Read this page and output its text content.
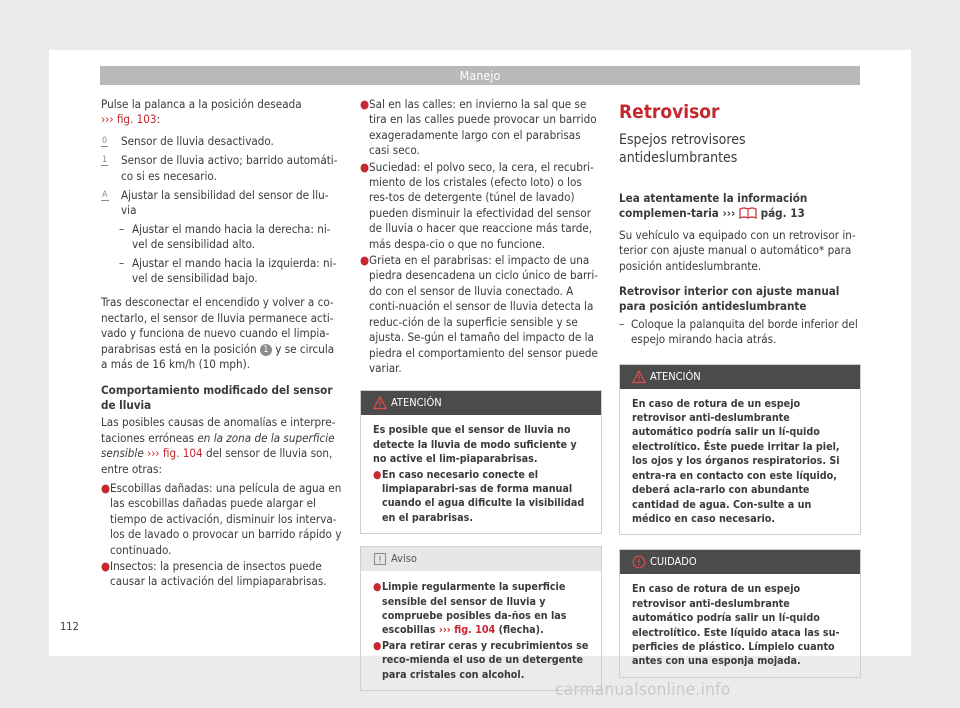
Manejo

Pulse la palanca a la posición deseada
››› fig. 103:

0 Sensor de lluvia desactivado.
1 Sensor de lluvia activo; barrido automáti-co si es necesario.
A Ajustar la sensibilidad del sensor de llu-via
– Ajustar el mando hacia la derecha: ni-vel de sensibilidad alto.
– Ajustar el mando hacia la izquierda: ni-vel de sensibilidad bajo.

Tras desconectar el encendido y volver a co-nectarlo, el sensor de lluvia permanece acti-vado y funciona de nuevo cuando el limpia-parabrisas está en la posición 1 y se circula a más de 16 km/h (10 mph).

Comportamiento modificado del sensor de lluvia

Las posibles causas de anomalías e interpre-taciones erróneas en la zona de la superficie sensible ››› fig. 104 del sensor de lluvia son, entre otras:

● Escobillas dañadas: una película de agua en las escobillas dañadas puede alargar el tiempo de activación, disminuir los interva-los de lavado o provocar un barrido rápido y continuado.
● Insectos: la presencia de insectos puede causar la activación del limpiaparabrisas.
● Sal en las calles: en invierno la sal que se tira en las calles puede provocar un barrido exageradamente largo con el parabrisas casi seco.
● Suciedad: el polvo seco, la cera, el recubri-miento de los cristales (efecto loto) o los res-tos de detergente (túnel de lavado) pueden disminuir la efectividad del sensor de lluvia o hacer que reaccione más tarde, más despa-cio o que no funcione.
● Grieta en el parabrisas: el impacto de una piedra desencadena un ciclo único de barri-do con el sensor de lluvia conectado. A conti-nuación el sensor de lluvia detecta la reduc-ción de la superficie sensible y se ajusta. Se-gún el tamaño del impacto de la piedra el comportamiento del sensor puede variar.
ATENCIÓN
Es posible que el sensor de lluvia no detecte la lluvia de modo suficiente y no active el lim-piaparabrisas.
● En caso necesario conecte el limpiaparabri-sas de forma manual cuando el agua dificulte la visibilidad en el parabrisas.
Aviso
● Limpie regularmente la superficie sensible del sensor de lluvia y compruebe posibles da-ños en las escobillas ››› fig. 104 (flecha).
● Para retirar ceras y recubrimientos se reco-mienda el uso de un detergente para cristales con alcohol.
Retrovisor
Espejos retrovisores antideslumbrantes

Lea atentamente la información complemen-taria ››› pág. 13

Su vehículo va equipado con un retrovisor in-terior con ajuste manual o automático* para posición antideslumbrante.

Retrovisor interior con ajuste manual para posición antideslumbrante

– Coloque la palanquita del borde inferior del espejo mirando hacia atrás.
ATENCIÓN
En caso de rotura de un espejo retrovisor anti-deslumbrante automático podría salir un lí-quido electrolítico. Éste puede irritar la piel, los ojos y los órganos respiratorios. Si entra-ra en contacto con este líquido, deberá acla-rarlo con abundante cantidad de agua. Con-sulte a un médico en caso necesario.
CUIDADO
En caso de rotura de un espejo retrovisor anti-deslumbrante automático podría salir un lí-quido electrolítico. Este líquido ataca las su-perficies de plástico. Límpielo cuanto antes con una esponja mojada.
112
carmanualsonline.info
